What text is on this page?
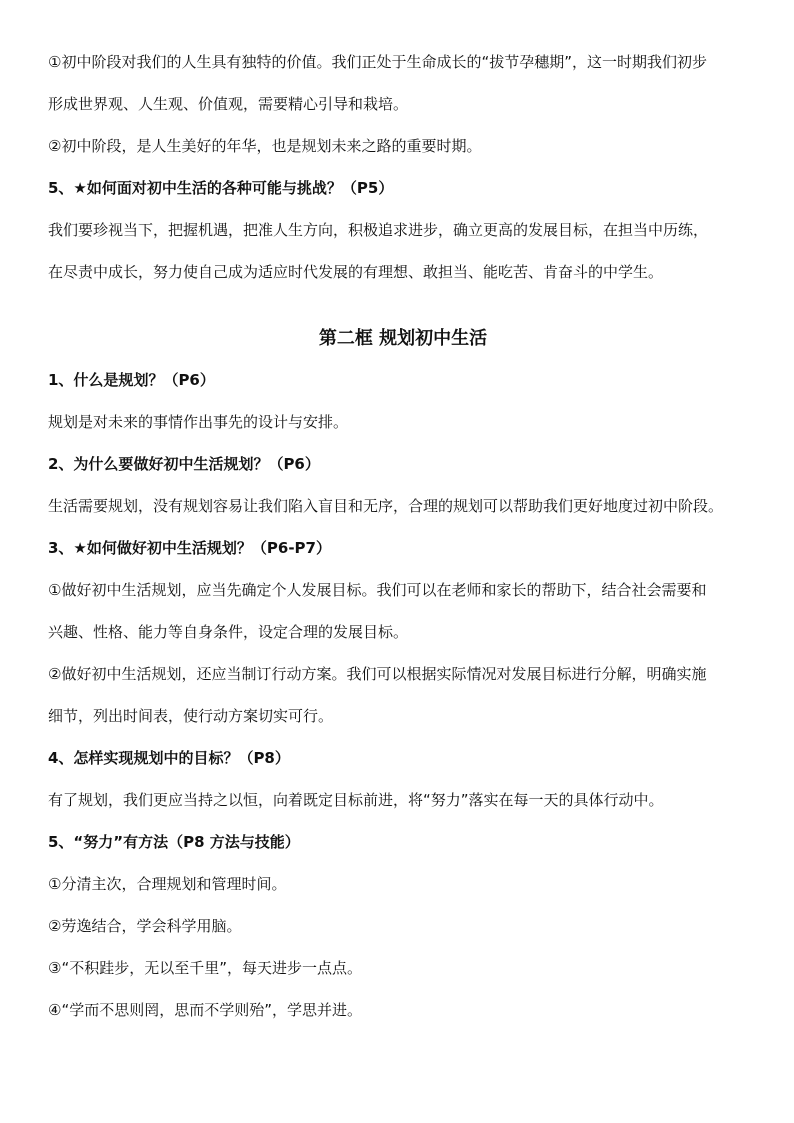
①初中阶段对我们的人生具有独特的价值。我们正处于生命成长的“拔节孕穗期”，这一时期我们初步

形成世界观、人生观、价值观，需要精心引导和栽培。

②初中阶段，是人生美好的年华，也是规划未来之路的重要时期。

5、★如何面对初中生活的各种可能与挑战？（P5）

我们要珍视当下，把握机遇，把准人生方向，积极追求进步，确立更高的发展目标，在担当中历练，

在尽责中成长，努力使自己成为适应时代发展的有理想、敢担当、能吃苦、肯奋斗的中学生。

第二框 规划初中生活

1、什么是规划？（P6）

规划是对未来的事情作出事先的设计与安排。

2、为什么要做好初中生活规划？（P6）

生活需要规划，没有规划容易让我们陷入盲目和无序，合理的规划可以帮助我们更好地度过初中阶段。

3、★如何做好初中生活规划？（P6-P7）

①做好初中生活规划，应当先确定个人发展目标。我们可以在老师和家长的帮助下，结合社会需要和

兴趣、性格、能力等自身条件，设定合理的发展目标。

②做好初中生活规划，还应当制订行动方案。我们可以根据实际情况对发展目标进行分解，明确实施

细节，列出时间表，使行动方案切实可行。

4、怎样实现规划中的目标？（P8）

有了规划，我们更应当持之以恒，向着既定目标前进，将“努力”落实在每一天的具体行动中。

5、“努力”有方法（P8 方法与技能）

①分清主次，合理规划和管理时间。

②劳逸结合，学会科学用脑。

③“不积跬步，无以至千里”，每天进步一点点。

④“学而不思则罔，思而不学则殆”，学思并进。
